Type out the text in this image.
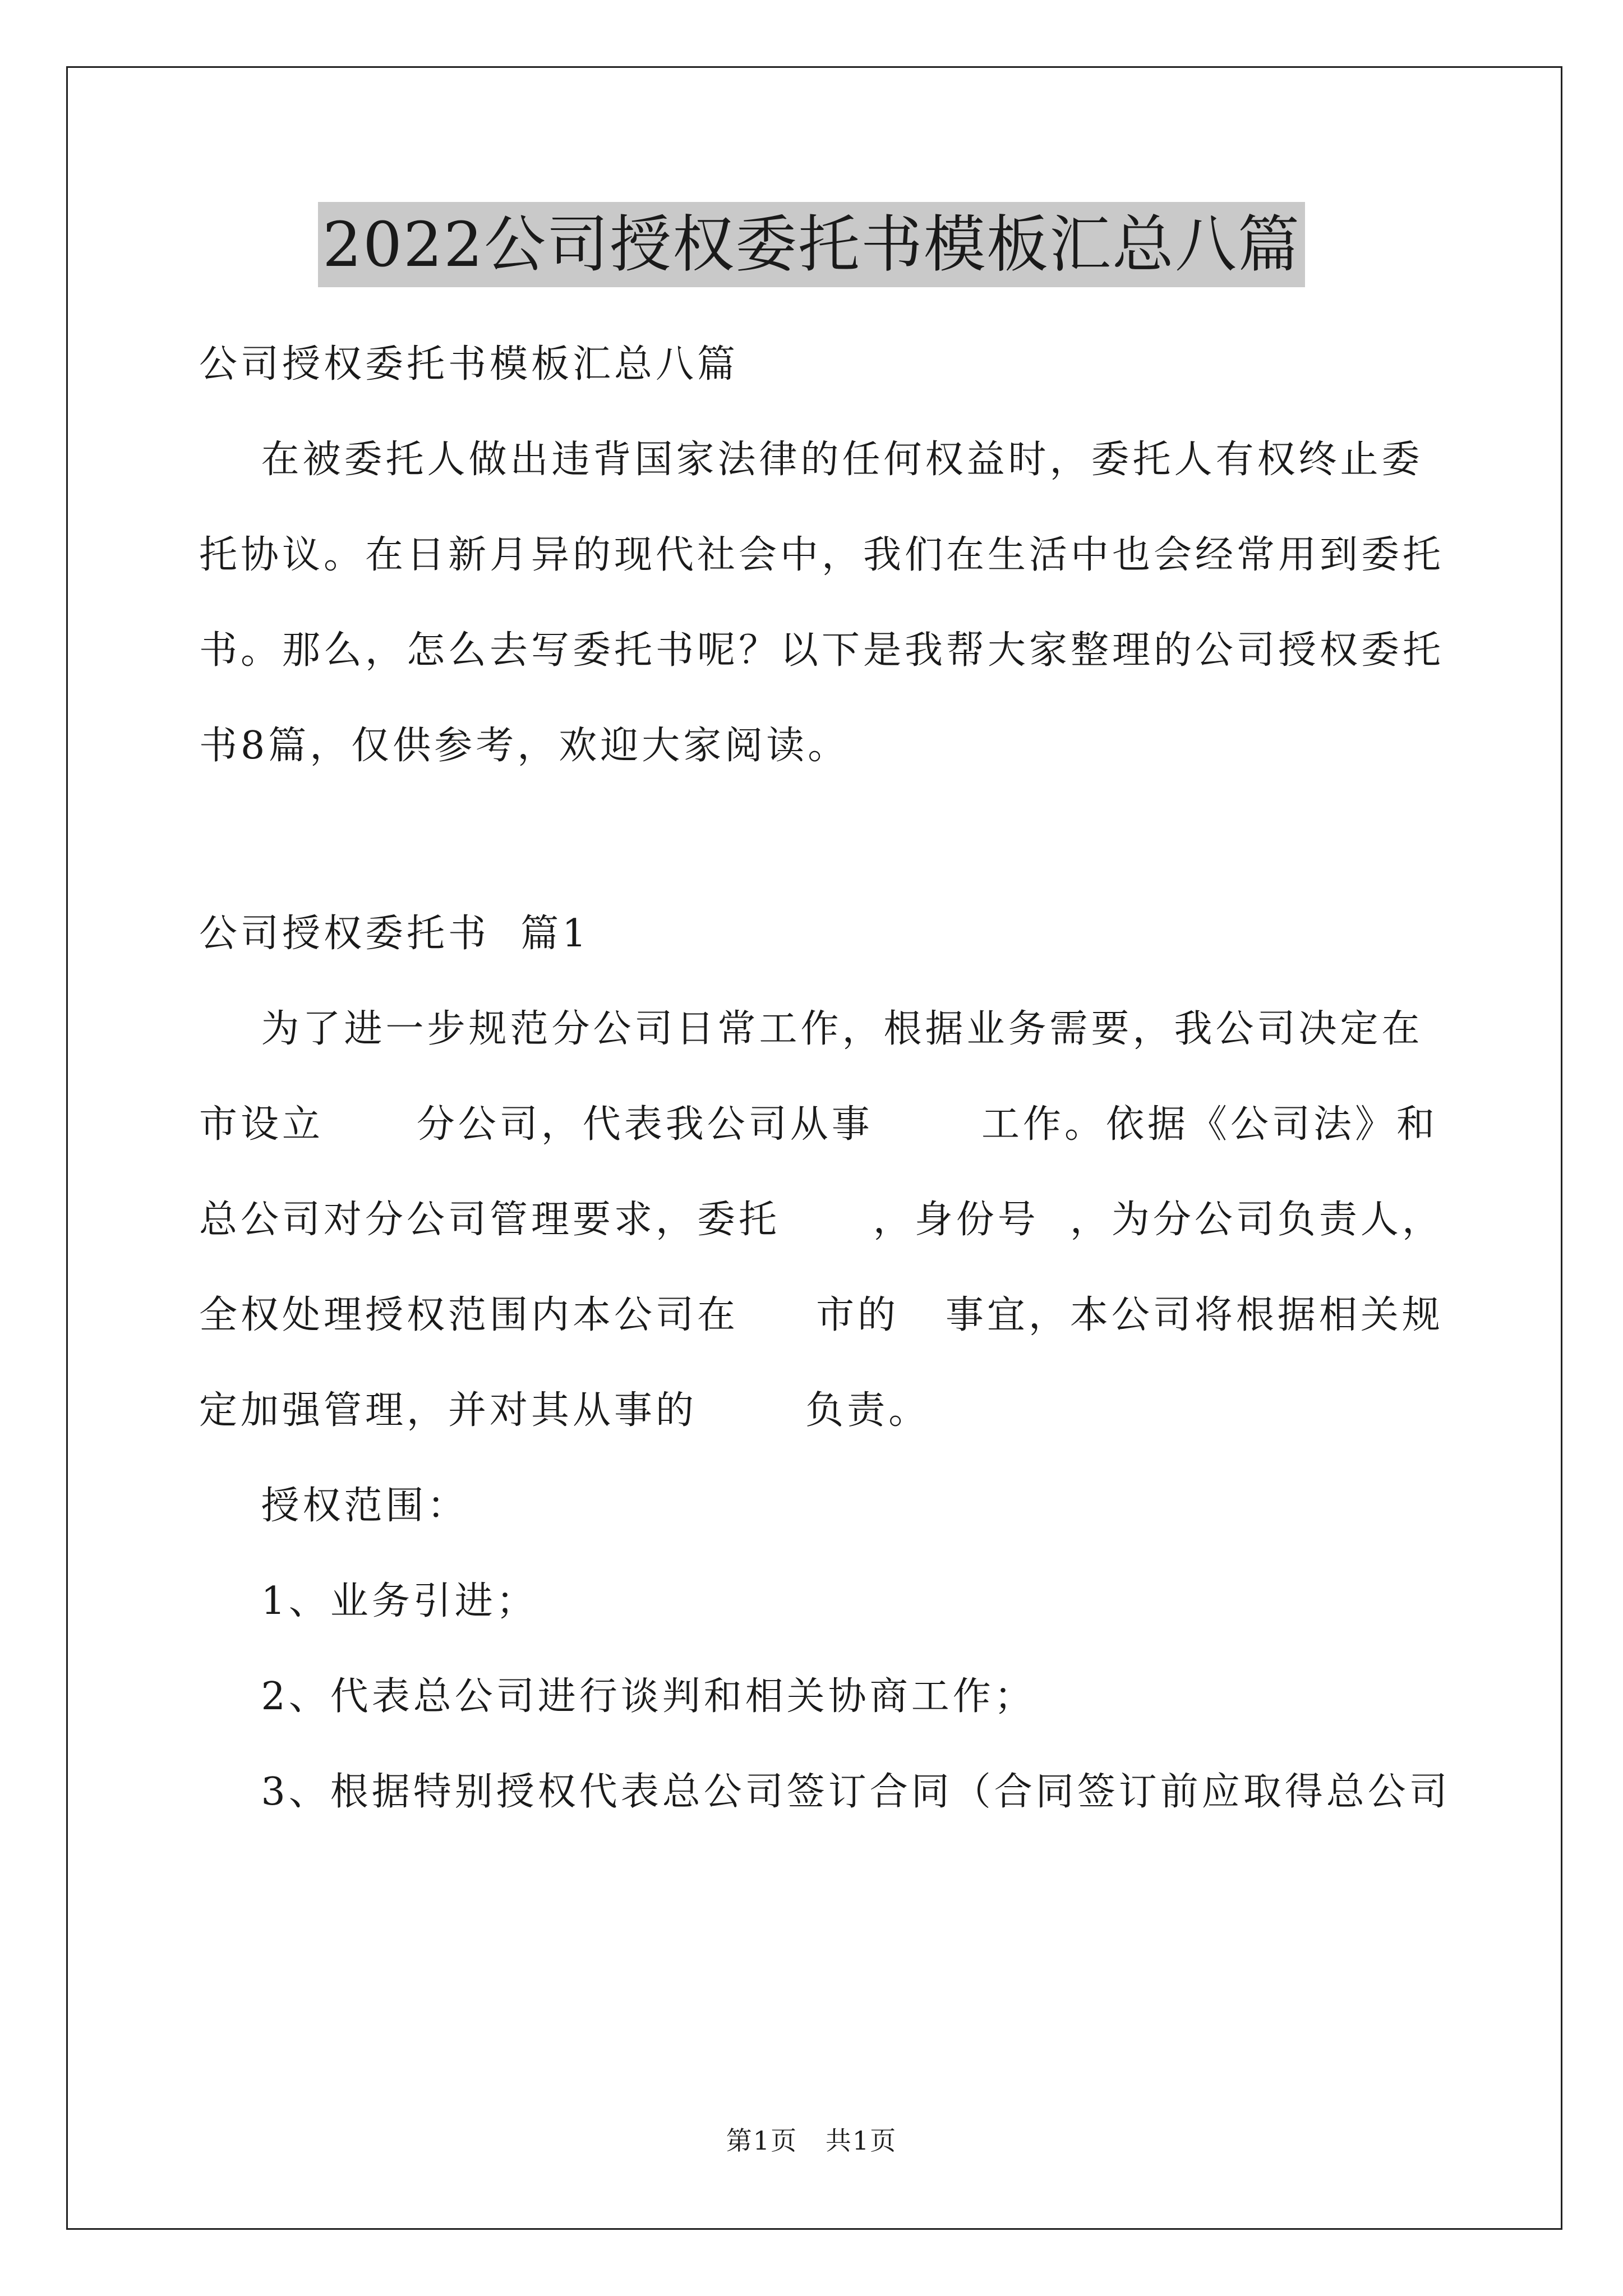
2022公司授权委托书模板汇总八篇
公司授权委托书模板汇总八篇
在被委托人做出违背国家法律的任何权益时，委托人有权终止委
托协议。在日新月异的现代社会中，我们在生活中也会经常用到委托
书。那么，怎么去写委托书呢？以下是我帮大家整理的公司授权委托
书8篇，仅供参考，欢迎大家阅读。
公司授权委托书  篇1
为了进一步规范分公司日常工作，根据业务需要，我公司决定在
市设立      分公司，代表我公司从事       工作。依据《公司法》和
总公司对分公司管理要求，委托      ，身份号  ，为分公司负责人，
全权处理授权范围内本公司在     市的   事宜，本公司将根据相关规
定加强管理，并对其从事的       负责。
授权范围：
1、业务引进；
2、代表总公司进行谈判和相关协商工作；
3、根据特别授权代表总公司签订合同（合同签订前应取得总公司
第1页   共1页
